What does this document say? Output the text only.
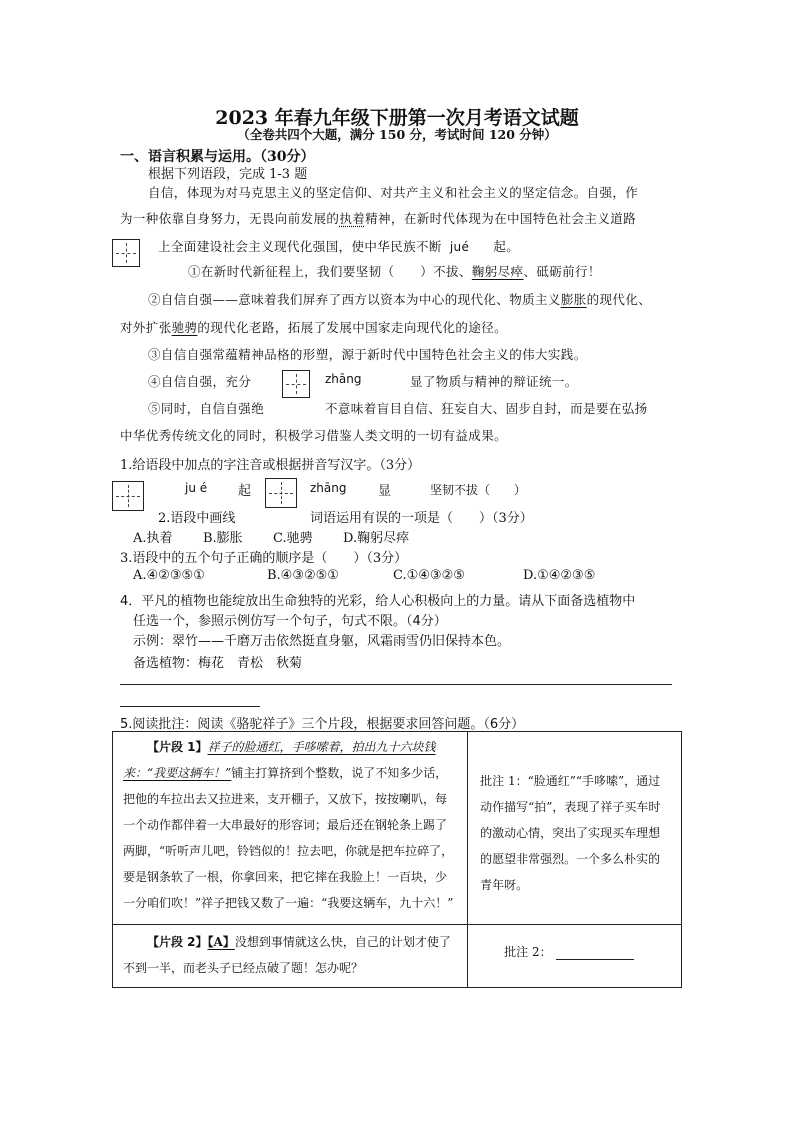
2023 年春九年级下册第一次月考语文试题
（全卷共四个大题，满分 150 分，考试时间 120 分钟）
一、语言积累与运用。（30分）
根据下列语段，完成 1-3 题
自信，体现为对马克思主义的坚定信仰、对共产主义和社会主义的坚定信念。自强，作
为一种依靠自身努力，无畏向前发展的执着精神，在新时代体现为在中国特色社会主义道路
上全面建设社会主义现代化强国，使中华民族不断 jué 起。
①在新时代新征程上，我们要坚韧（　　）不拔、鞠躬尽瘁、砥砺前行！
②自信自强——意味着我们屏弃了西方以资本为中心的现代化、物质主义膨胀的现代化、
对外扩张驰骋的现代化老路，拓展了发展中国家走向现代化的途径。
③自信自强常蕴精神品格的形塑，源于新时代中国特色社会主义的伟大实践。
④自信自强，充分	zhāng	显了物质与精神的辩证统一。
⑤同时，自信自强绝	不意味着盲目自信、狂妄自大、固步自封，而是要在弘扬
中华优秀传统文化的同时，积极学习借鉴人类文明的一切有益成果。
1.给语段中加点的字注音或根据拼音写汉字。（3分）
ju é 起	zhāng 显	坚韧不拔（　　）
2.语段中画线	词语运用有误的一项是（　　）（3分）
A.执着 B.膨胀 C.驰骋 D.鞠躬尽瘁
3.语段中的五个句子正确的顺序是（　　）（3分）
A.④②③⑤①	B.④③②⑤①	C.①④③②⑤	D.①④②③⑤
4．平凡的植物也能绽放出生命独特的光彩，给人心积极向上的力量。请从下面备选植物中
任选一个，参照示例仿写一个句子，句式不限。（4分）
示例：翠竹——千磨万击依然挺直身躯，风霜雨雪仍旧保持本色。
备选植物：梅花　青松　秋菊
5.阅读批注：阅读《骆驼祥子》三个片段，根据要求回答问题。（6分）
【片段 1】祥子的脸通红，手哆嗦着，拍出九十六块钱来：“我要这辆车！”铺主打算挤到个整数，说了不知多少话，把他的车拉出去又拉进来，支开棚子，又放下，按按喇叭，每一个动作都伴着一大串最好的形容词；最后还在钢轮条上踢了两脚，“听听声儿吧，铃铛似的！拉去吧，你就是把车拉碎了，要是钢条软了一根，你拿回来，把它摔在我脸上！一百块，少一分咱们吹！”祥子把钱又数了一遍：“我要这辆车，九十六！”	批注 1：“脸通红”“手哆嗦”，通过动作描写“拍”，表现了祥子买车时的激动心情，突出了实现买车理想的愿望非常强烈。一个多么朴实的青年呀。
【片段 2】【A】没想到事情就这么快，自己的计划才使了不到一半，而老头子已经点破了题！怎办呢？	批注 2：
